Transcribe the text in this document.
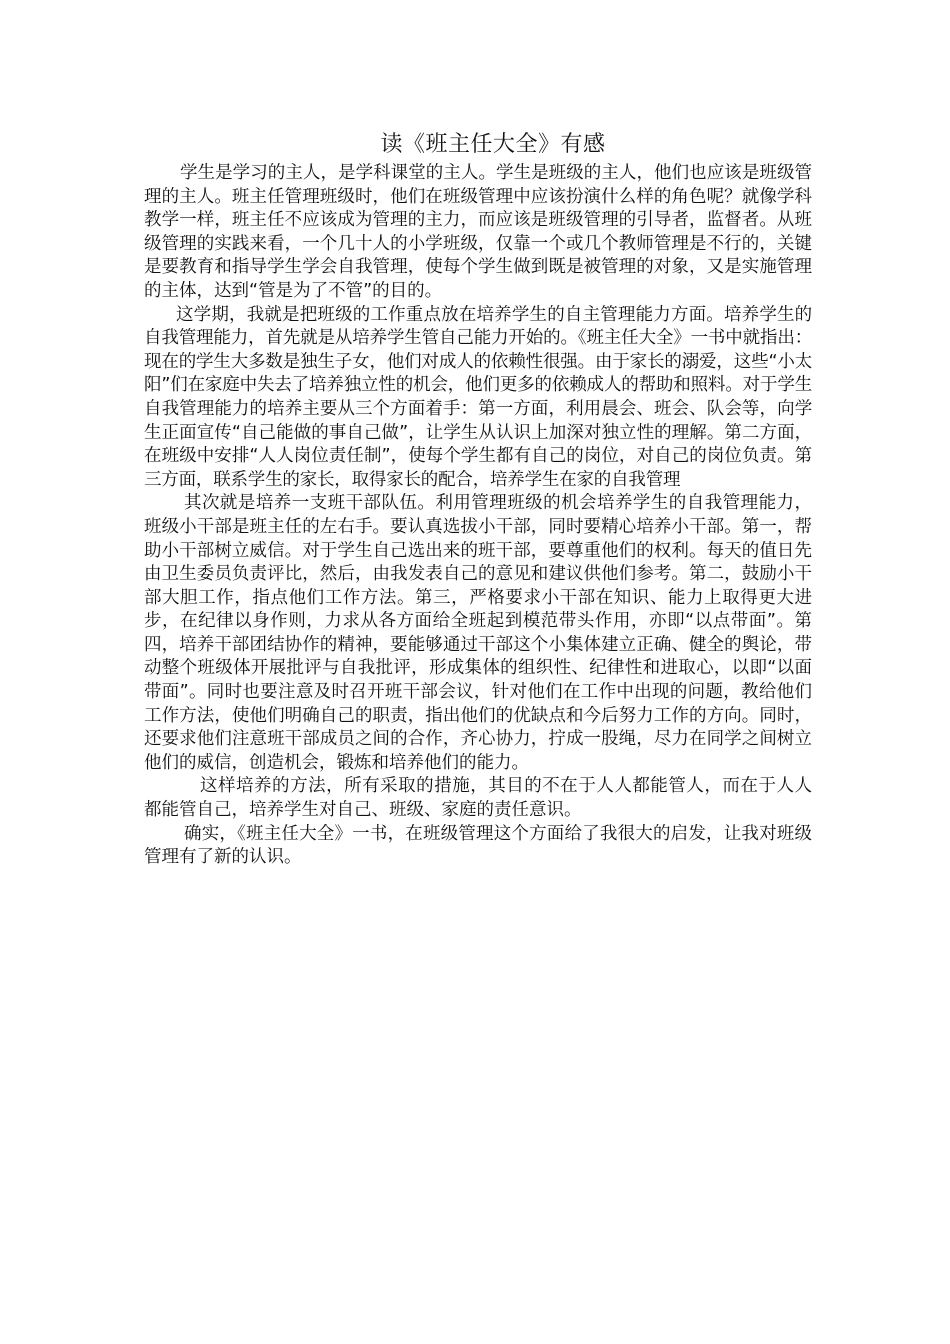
读《班主任大全》有感

学生是学习的主人，是学科课堂的主人。学生是班级的主人，他们也应该是班级管理的主人。班主任管理班级时，他们在班级管理中应该扮演什么样的角色呢？就像学科教学一样，班主任不应该成为管理的主力，而应该是班级管理的引导者，监督者。从班级管理的实践来看，一个几十人的小学班级，仅靠一个或几个教师管理是不行的，关键是要教育和指导学生学会自我管理，使每个学生做到既是被管理的对象，又是实施管理的主体，达到“管是为了不管”的目的。

这学期，我就是把班级的工作重点放在培养学生的自主管理能力方面。培养学生的自我管理能力，首先就是从培养学生管自己能力开始的。《班主任大全》一书中就指出：现在的学生大多数是独生子女，他们对成人的依赖性很强。由于家长的溺爱，这些“小太阳”们在家庭中失去了培养独立性的机会，他们更多的依赖成人的帮助和照料。对于学生自我管理能力的培养主要从三个方面着手：第一方面，利用晨会、班会、队会等，向学生正面宣传“自己能做的事自己做”，让学生从认识上加深对独立性的理解。第二方面，在班级中安排“人人岗位责任制”，使每个学生都有自己的岗位，对自己的岗位负责。第三方面，联系学生的家长，取得家长的配合，培养学生在家的自我管理

其次就是培养一支班干部队伍。利用管理班级的机会培养学生的自我管理能力，班级小干部是班主任的左右手。要认真选拔小干部，同时要精心培养小干部。第一，帮助小干部树立威信。对于学生自己选出来的班干部，要尊重他们的权利。每天的值日先由卫生委员负责评比，然后，由我发表自己的意见和建议供他们参考。第二，鼓励小干部大胆工作，指点他们工作方法。第三，严格要求小干部在知识、能力上取得更大进步，在纪律以身作则，力求从各方面给全班起到模范带头作用，亦即“以点带面”。第四，培养干部团结协作的精神，要能够通过干部这个小集体建立正确、健全的舆论，带动整个班级体开展批评与自我批评，形成集体的组织性、纪律性和进取心，以即“以面带面”。同时也要注意及时召开班干部会议，针对他们在工作中出现的问题，教给他们工作方法，使他们明确自己的职责，指出他们的优缺点和今后努力工作的方向。同时，还要求他们注意班干部成员之间的合作，齐心协力，拧成一股绳，尽力在同学之间树立他们的威信，创造机会，锻炼和培养他们的能力。

这样培养的方法，所有采取的措施，其目的不在于人人都能管人，而在于人人都能管自己，培养学生对自己、班级、家庭的责任意识。

确实，《班主任大全》一书，在班级管理这个方面给了我很大的启发，让我对班级管理有了新的认识。
